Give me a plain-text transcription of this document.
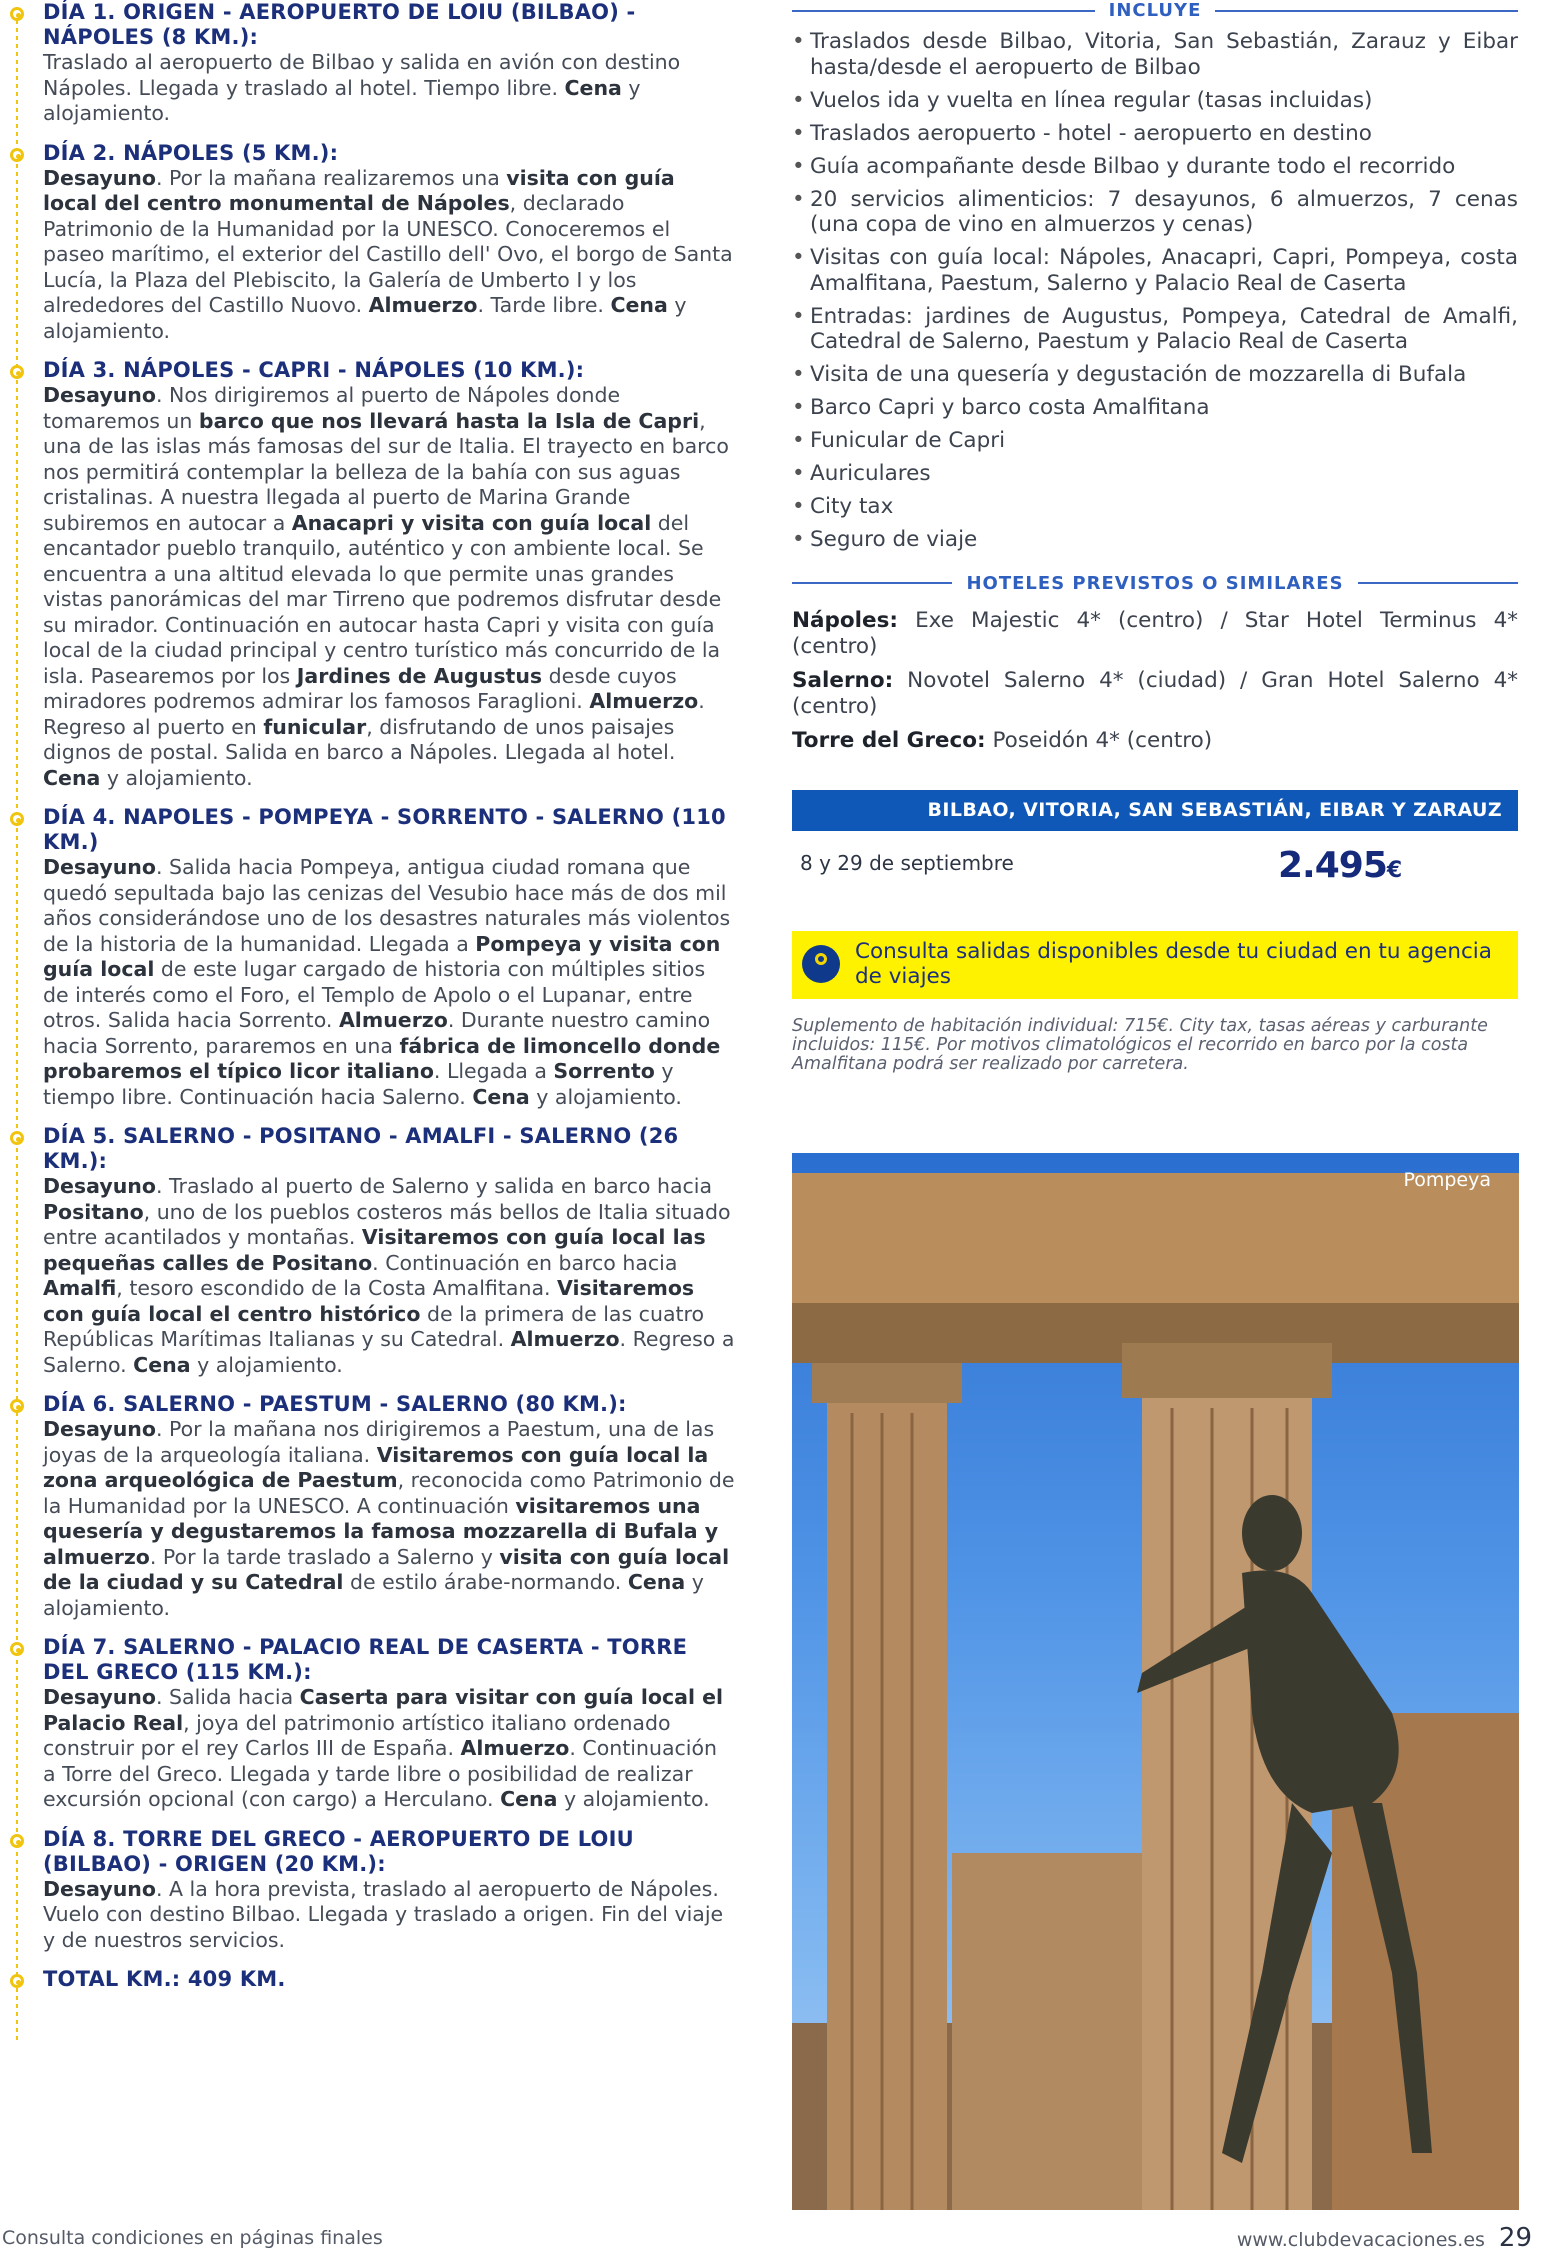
DÍA 1. ORIGEN - AEROPUERTO DE LOIU (BILBAO) - NÁPOLES (8 KM.):

Traslado al aeropuerto de Bilbao y salida en avión con destino Nápoles. Llegada y traslado al hotel. Tiempo libre. Cena y alojamiento.

DÍA 2. NÁPOLES (5 KM.):

Desayuno. Por la mañana realizaremos una visita con guía local del centro monumental de Nápoles, declarado Patrimonio de la Humanidad por la UNESCO. Conoceremos el paseo marítimo, el exterior del Castillo dell' Ovo, el borgo de Santa Lucía, la Plaza del Plebiscito, la Galería de Umberto I y los alrededores del Castillo Nuovo. Almuerzo. Tarde libre. Cena y alojamiento.

DÍA 3. NÁPOLES - CAPRI - NÁPOLES (10 KM.):

Desayuno. Nos dirigiremos al puerto de Nápoles donde tomaremos un barco que nos llevará hasta la Isla de Capri, una de las islas más famosas del sur de Italia. El trayecto en barco nos permitirá contemplar la belleza de la bahía con sus aguas cristalinas. A nuestra llegada al puerto de Marina Grande subiremos en autocar a Anacapri y visita con guía local del encantador pueblo tranquilo, auténtico y con ambiente local. Se encuentra a una altitud elevada lo que permite unas grandes vistas panorámicas del mar Tirreno que podremos disfrutar desde su mirador. Continuación en autocar hasta Capri y visita con guía local de la ciudad principal y centro turístico más concurrido de la isla. Pasearemos por los Jardines de Augustus desde cuyos miradores podremos admirar los famosos Faraglioni. Almuerzo. Regreso al puerto en funicular, disfrutando de unos paisajes dignos de postal. Salida en barco a Nápoles. Llegada al hotel. Cena y alojamiento.

DÍA 4. NAPOLES - POMPEYA - SORRENTO - SALERNO (110 KM.)

Desayuno. Salida hacia Pompeya, antigua ciudad romana que quedó sepultada bajo las cenizas del Vesubio hace más de dos mil años considerándose uno de los desastres naturales más violentos de la historia de la humanidad. Llegada a Pompeya y visita con guía local de este lugar cargado de historia con múltiples sitios de interés como el Foro, el Templo de Apolo o el Lupanar, entre otros. Salida hacia Sorrento. Almuerzo. Durante nuestro camino hacia Sorrento, pararemos en una fábrica de limoncello donde probaremos el típico licor italiano. Llegada a Sorrento y tiempo libre. Continuación hacia Salerno. Cena y alojamiento.

DÍA 5. SALERNO - POSITANO - AMALFI - SALERNO (26 KM.):

Desayuno. Traslado al puerto de Salerno y salida en barco hacia Positano, uno de los pueblos costeros más bellos de Italia situado entre acantilados y montañas. Visitaremos con guía local las pequeñas calles de Positano. Continuación en barco hacia Amalfi, tesoro escondido de la Costa Amalfitana. Visitaremos con guía local el centro histórico de la primera de las cuatro Repúblicas Marítimas Italianas y su Catedral. Almuerzo. Regreso a Salerno. Cena y alojamiento.

DÍA 6. SALERNO - PAESTUM - SALERNO (80 KM.):

Desayuno. Por la mañana nos dirigiremos a Paestum, una de las joyas de la arqueología italiana. Visitaremos con guía local la zona arqueológica de Paestum, reconocida como Patrimonio de la Humanidad por la UNESCO. A continuación visitaremos una quesería y degustaremos la famosa mozzarella di Bufala y almuerzo. Por la tarde traslado a Salerno y visita con guía local de la ciudad y su Catedral de estilo árabe-normando. Cena y alojamiento.

DÍA 7. SALERNO - PALACIO REAL DE CASERTA - TORRE DEL GRECO (115 KM.):

Desayuno. Salida hacia Caserta para visitar con guía local el Palacio Real, joya del patrimonio artístico italiano ordenado construir por el rey Carlos III de España. Almuerzo. Continuación a Torre del Greco. Llegada y tarde libre o posibilidad de realizar excursión opcional (con cargo) a Herculano. Cena y alojamiento.

DÍA 8. TORRE DEL GRECO - AEROPUERTO DE LOIU (BILBAO) - ORIGEN (20 KM.):

Desayuno. A la hora prevista, traslado al aeropuerto de Nápoles. Vuelo con destino Bilbao. Llegada y traslado a origen. Fin del viaje y de nuestros servicios.

TOTAL KM.: 409 KM.
INCLUYE
• Traslados desde Bilbao, Vitoria, San Sebastián, Zarauz y Eibar hasta/desde el aeropuerto de Bilbao
• Vuelos ida y vuelta en línea regular (tasas incluidas)
• Traslados aeropuerto - hotel - aeropuerto en destino
• Guía acompañante desde Bilbao y durante todo el recorrido
• 20 servicios alimenticios: 7 desayunos, 6 almuerzos, 7 cenas (una copa de vino en almuerzos y cenas)
• Visitas con guía local: Nápoles, Anacapri, Capri, Pompeya, costa Amalfitana, Paestum, Salerno y Palacio Real de Caserta
• Entradas: jardines de Augustus, Pompeya, Catedral de Amalfi, Catedral de Salerno, Paestum y Palacio Real de Caserta
• Visita de una quesería y degustación de mozzarella di Bufala
• Barco Capri y barco costa Amalfitana
• Funicular de Capri
• Auriculares
• City tax
• Seguro de viaje
HOTELES PREVISTOS O SIMILARES

Nápoles: Exe Majestic 4* (centro) / Star Hotel Terminus 4* (centro)

Salerno: Novotel Salerno 4* (ciudad) / Gran Hotel Salerno 4* (centro)

Torre del Greco: Poseidón 4* (centro)

BILBAO, VITORIA, SAN SEBASTIÁN, EIBAR Y ZARAUZ
8 y 29 de septiembre	2.495€
Consulta salidas disponibles desde tu ciudad en tu agencia de viajes
Suplemento de habitación individual: 715€. City tax, tasas aéreas y carburante incluidos: 115€. Por motivos climatológicos el recorrido en barco por la costa Amalfitana podrá ser realizado por carretera.
Pompeya
Consulta condiciones en páginas finales	www.clubdevacaciones.es 29
